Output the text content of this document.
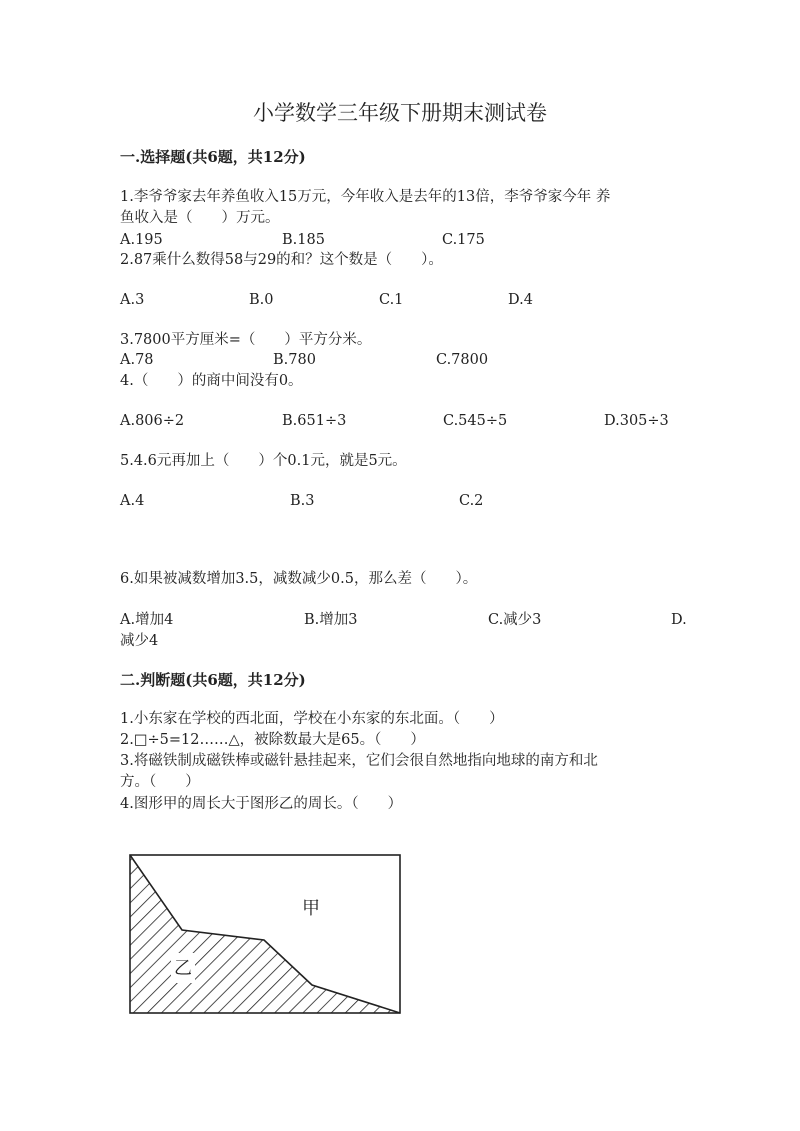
小学数学三年级下册期末测试卷
一.选择题(共6题，共12分)
1.李爷爷家去年养鱼收入15万元，今年收入是去年的13倍，李爷爷家今年 养
鱼收入是（　　）万元。
A.195	B.185	C.175
2.87乘什么数得58与29的和？这个数是（　　）。
A.3	B.0	C.1	D.4
3.7800平方厘米=（　　）平方分米。
A.78	B.780	C.7800
4.（　　）的商中间没有0。
A.806÷2	B.651÷3	C.545÷5	D.305÷3
5.4.6元再加上（　　）个0.1元，就是5元。
A.4	B.3	C.2
6.如果被减数增加3.5，减数减少0.5，那么差（　　）。
A.增加4	B.增加3	C.减少3	D.
减少4
二.判断题(共6题，共12分)
1.小东家在学校的西北面，学校在小东家的东北面。（　　）
2.□÷5=12……△，被除数最大是65。（　　）
3.将磁铁制成磁铁棒或磁针悬挂起来，它们会很自然地指向地球的南方和北
方。（　　）
4.图形甲的周长大于图形乙的周长。（　　）
甲
乙
